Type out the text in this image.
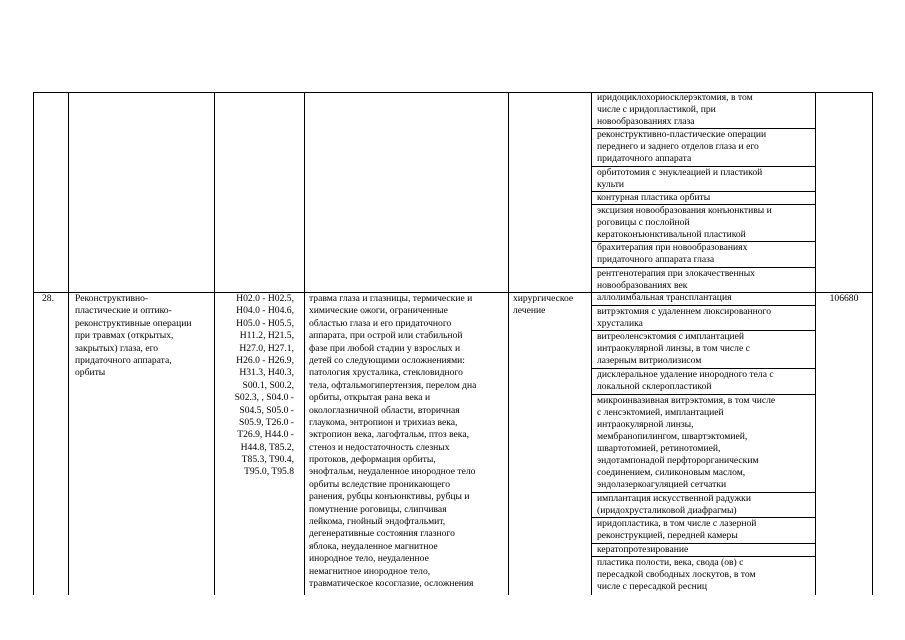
иридоциклохориосклерэктомия, в том
числе с иридопластикой, при
новообразованиях глаза
реконструктивно-пластические операции
переднего и заднего отделов глаза и его
придаточного аппарата
орбитотомия с энуклеацией и пластикой
культи
контурная пластика орбиты
эксцизия новообразования конъюнктивы и
роговицы с послойной
кератоконъюнктивальной пластикой
брахитерапия при новообразованиях
придаточного аппарата глаза
рентгенотерапия при злокачественных
новообразованиях век
28.	Реконструктивно-
пластические и оптико-
реконструктивные операции
при травмах (открытых,
закрытых) глаза, его
придаточного аппарата,
орбиты
H02.0 - H02.5,
H04.0 - H04.6,
H05.0 - H05.5,
H11.2, H21.5,
H27.0, H27.1,
H26.0 - H26.9,
H31.3, H40.3,
S00.1, S00.2,
S02.3, , S04.0 -
S04.5, S05.0 -
S05.9, T26.0 -
T26.9, H44.0 -
H44.8, T85.2,
T85.3, T90.4,
T95.0, T95.8
травма глаза и глазницы, термические и
химические ожоги, ограниченные
областью глаза и его придаточного
аппарата, при острой или стабильной
фазе при любой стадии у взрослых и
детей со следующими осложнениями:
патология хрусталика, стекловидного
тела, офтальмогипертензия, перелом дна
орбиты, открытая рана века и
окологлазничной области, вторичная
глаукома, энтропион и трихиаз века,
эктропион века, лагофтальм, птоз века,
стеноз и недостаточность слезных
протоков, деформация орбиты,
энофтальм, неудаленное инородное тело
орбиты вследствие проникающего
ранения, рубцы конъюнктивы, рубцы и
помутнение роговицы, слипчивая
лейкома, гнойный эндофтальмит,
дегенеративные состояния глазного
яблока, неудаленное магнитное
инородное тело, неудаленное
немагнитное инородное тело,
травматическое косоглазие, осложнения
хирургическое
лечение
аллолимбальная трансплантация
витрэктомия с удаленнем люксированного
хрусталика
витреоленсэктомия с имплантацией
интраокулярной линзы, в том числе с
лазерным витриолизисом
дисклеральное удаление инородного тела с
локальной склеропластикой
микроинвазивная витрэктомия, в том числе
с ленсэктомией, имплантацией
интраокулярной линзы,
мембранопилингом, швартэктомией,
швартотомией, ретинотомией,
эндотампонадой перфторорганическим
соединением, силиконовым маслом,
эндолазеркоагуляцией сетчатки
имплантация искусственной радужки
(иридохрусталиковой диафрагмы)
иридопластика, в том числе с лазерной
реконструкцией, передней камеры
кератопротезирование
пластика полости, века, свода (ов) с
пересадкой свободных лоскутов, в том
числе с пересадкой ресниц
106680
